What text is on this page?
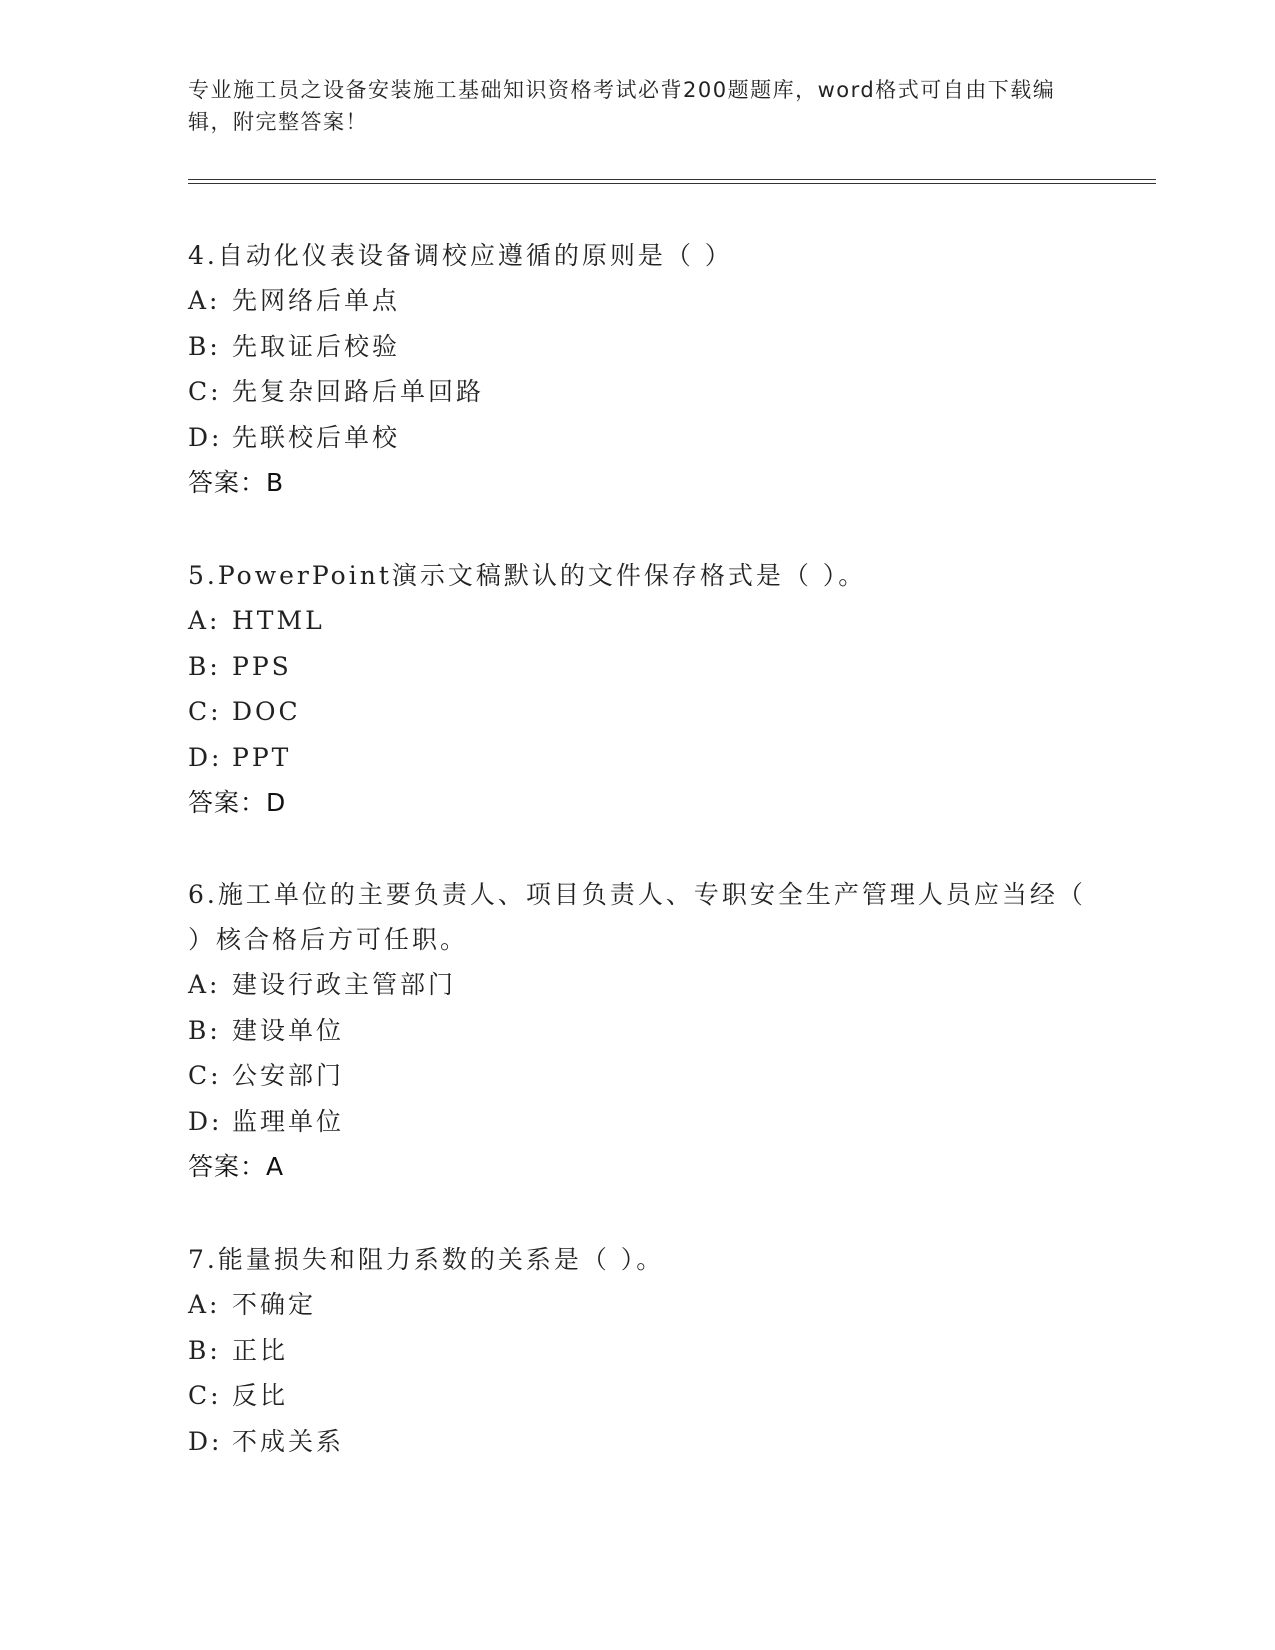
专业施工员之设备安装施工基础知识资格考试必背200题题库，word格式可自由下载编辑，附完整答案！

4.自动化仪表设备调校应遵循的原则是（ ）

A: 先网络后单点

B: 先取证后校验

C: 先复杂回路后单回路

D: 先联校后单校

答案：B

5.PowerPoint演示文稿默认的文件保存格式是（ ）。

A: HTML

B: PPS

C: DOC

D: PPT

答案：D

6.施工单位的主要负责人、项目负责人、专职安全生产管理人员应当经（ ）核合格后方可任职。

A: 建设行政主管部门

B: 建设单位

C: 公安部门

D: 监理单位

答案：A

7.能量损失和阻力系数的关系是（ ）。

A: 不确定

B: 正比

C: 反比

D: 不成关系
